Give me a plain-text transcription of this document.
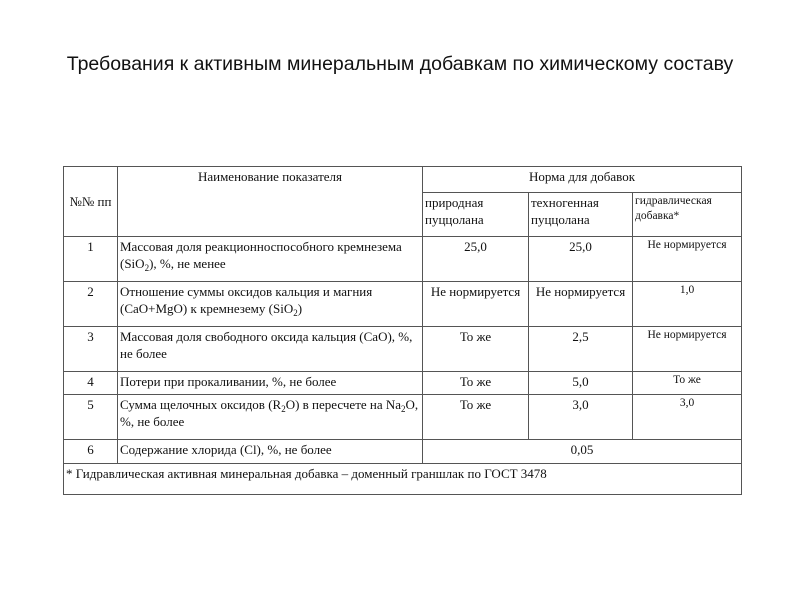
Требования к активным минеральным добавкам по химическому составу
№№ пп	Наименование показателя	Норма для добавок		
		природная пуццолана	техногенная пуццолана	гидравлическая добавка*
1	Массовая доля реакционноспособного кремнезема (SiO$_2$), %, не менее	25,0	25,0	Не нормируется
2	Отношение суммы оксидов кальция и магния (CaO+MgO) к кремнезему (SiO$_2$)	Не нормируется	Не нормируется	1,0
3	Массовая доля свободного оксида кальция (СаО), %, не более	То же	2,5	Не нормируется
4	Потери при прокаливании, %, не более	То же	5,0	То же
5	Сумма щелочных оксидов $(R_2О)$ в пересчете на $Na_2O$, %, не более	То же	3,0	3,0
6	Содержание хлорида (Cl), %, не более	0,05		
* Гидравлическая активная минеральная добавка – доменный граншлак по ГОСТ 3478				
